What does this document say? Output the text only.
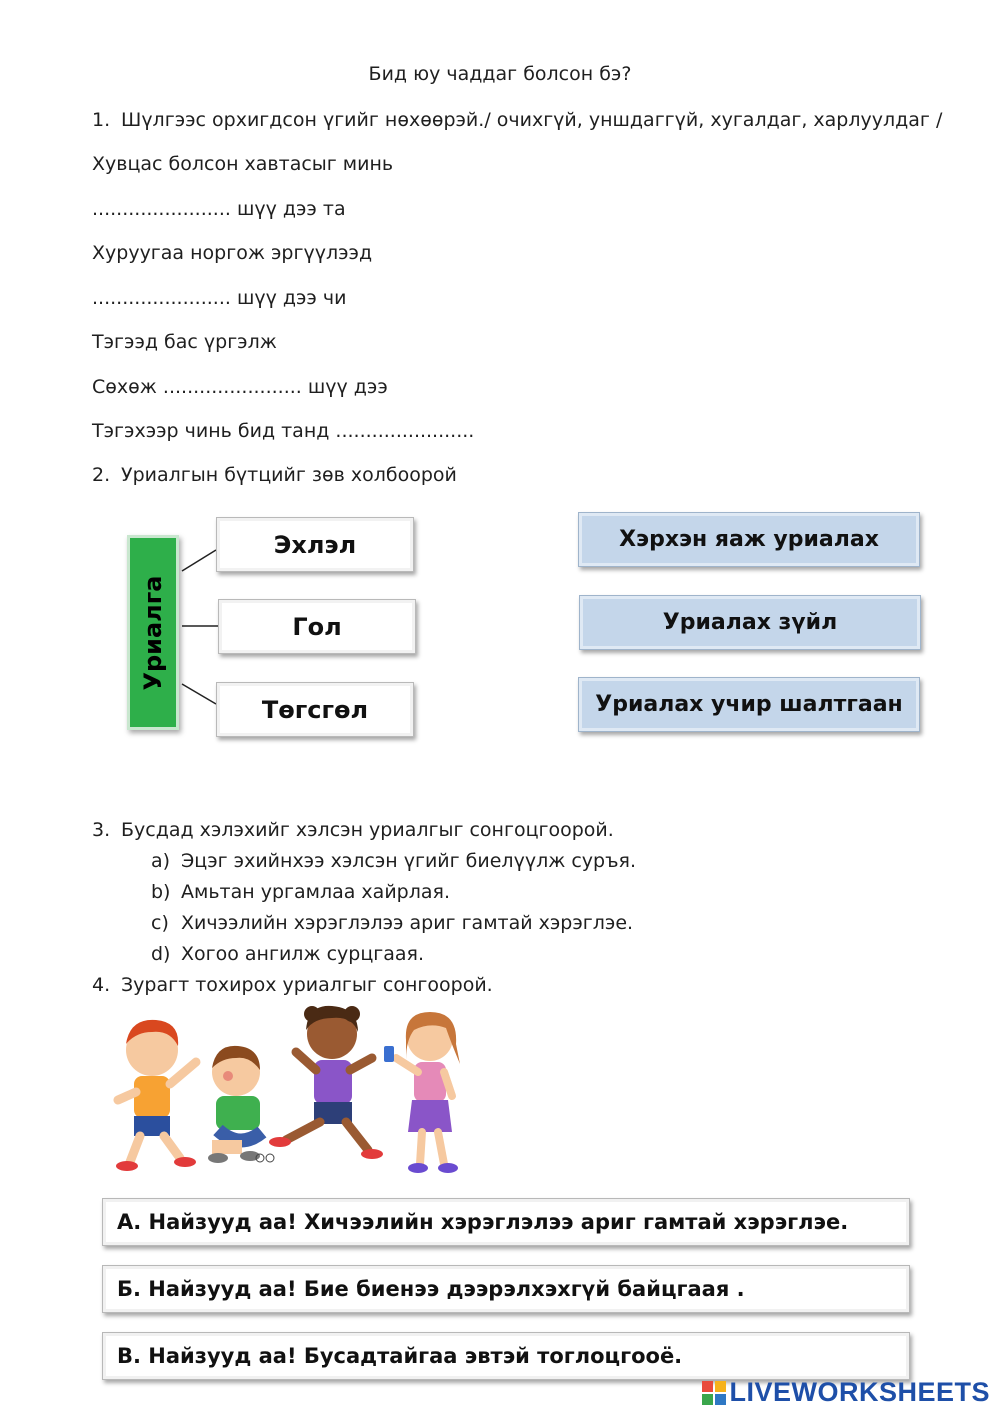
Бид юу чаддаг болсон бэ?
1. Шүлгээс орхигдсон үгийг нөхөөрэй./ очихгүй, уншдаггүй, хугалдаг, харлуулдаг /
Хувцас болсон хавтасыг минь
....................... шүү дээ та
Хуруугаа норгож эргүүлээд
....................... шүү дээ чи
Тэгээд бас үргэлж
Сөхөж ....................... шүү дээ
Тэгэхээр чинь бид танд .......................
2. Уриалгын бүтцийг зөв холбоорой
Уриалга
Эхлэл
Гол
Төгсгөл
Хэрхэн яаж уриалах
Уриалах зүйл
Уриалах учир шалтгаан
3. Бусдад хэлэхийг хэлсэн уриалгыг сонгоцгоорой.
a) Эцэг эхийнхээ хэлсэн үгийг биелүүлж суръя.
b) Амьтан ургамлаа хайрлая.
c) Хичээлийн хэрэглэлээ ариг гамтай хэрэглэе.
d) Хогоо ангилж сурцгаая.
4. Зурагт тохирох уриалгыг сонгоорой.
А. Найзууд аа! Хичээлийн хэрэглэлээ ариг гамтай хэрэглэе.
Б. Найзууд аа! Бие биенээ дээрэлхэхгүй байцгаая .
В. Найзууд аа! Бусадтайгаа эвтэй тоглоцгооё.
LIVEWORKSHEETS
